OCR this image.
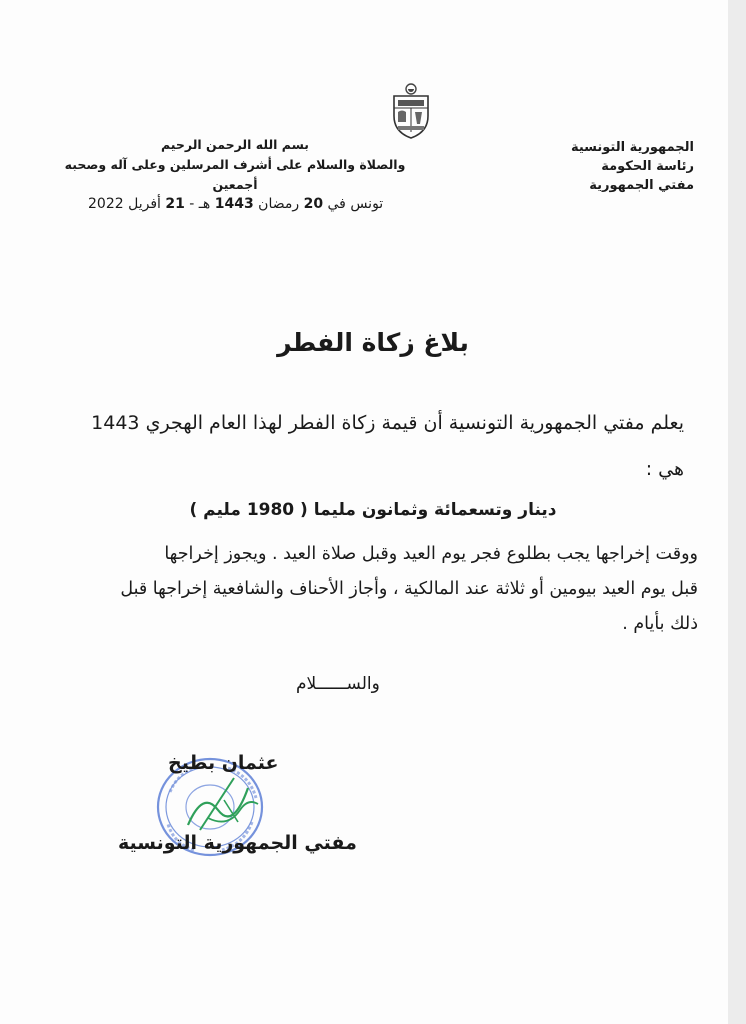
الجمهورية التونسية
رئاسة الحكومة
مفتي الجمهورية
بسم الله الرحمن الرحيم
والصلاة والسلام على أشرف المرسلين وعلى آله وصحبه أجمعين
تونس في 20 رمضان 1443 هـ - 21 أفريل 2022
بلاغ زكاة الفطر
يعلم مفتي الجمهورية التونسية أن قيمة زكاة الفطر لهذا العام الهجري 1443
هي :
دينار وتسعمائة وثمانون مليما ( 1980 مليم )
ووقت إخراجها يجب بطلوع فجر يوم العيد وقبل صلاة العيد . ويجوز إخراجها
قبل يوم العيد بيومين أو ثلاثة عند المالكية ، وأجاز الأحناف والشافعية إخراجها قبل
ذلك بأيام .
والســــــلام
عثمان بطيخ
مفتي الجمهورية التونسية
